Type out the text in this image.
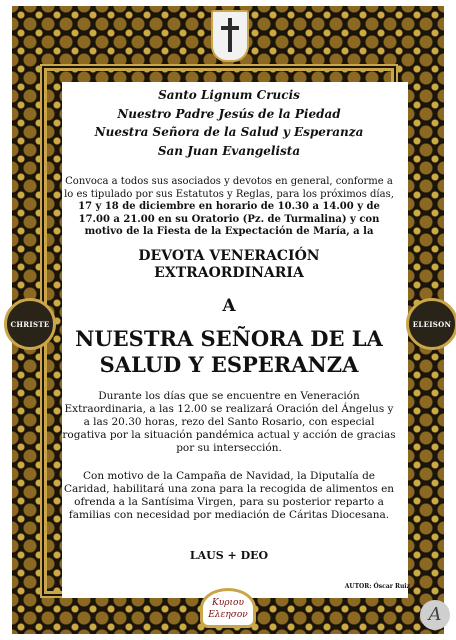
CHRISTE	ELEISON
Santo Lignum Crucis
Nuestro Padre Jesús de la Piedad
Nuestra Señora de la Salud y Esperanza
San Juan Evangelista
Convoca a todos sus asociados y devotos en general, conforme a lo es tipulado por sus Estatutos y Reglas, para los próximos días, 17 y 18 de diciembre en horario de 10.30 a 14.00 y de 17.00 a 21.00 en su Oratorio (Pz. de Turmalina) y con motivo de la Fiesta de la Expectación de María, a la
DEVOTA VENERACIÓN EXTRAORDINARIA
A
NUESTRA SEÑORA DE LA SALUD Y ESPERANZA
Durante los días que se encuentre en Veneración Extraordinaria, a las 12.00 se realizará Oración del Ángelus y a las 20.30 horas, rezo del Santo Rosario, con especial rogativa por la situación pandémica actual y acción de gracias por su intersección.
Con motivo de la Campaña de Navidad, la Diputalía de Caridad, habilitará una zona para la recogida de alimentos en ofrenda a la Santísima Virgen, para su posterior reparto a familias con necesidad por mediación de Cáritas Diocesana.
LAUS + DEO
AUTOR: Óscar Ruiz
Κυριου
Ελεησον	A
